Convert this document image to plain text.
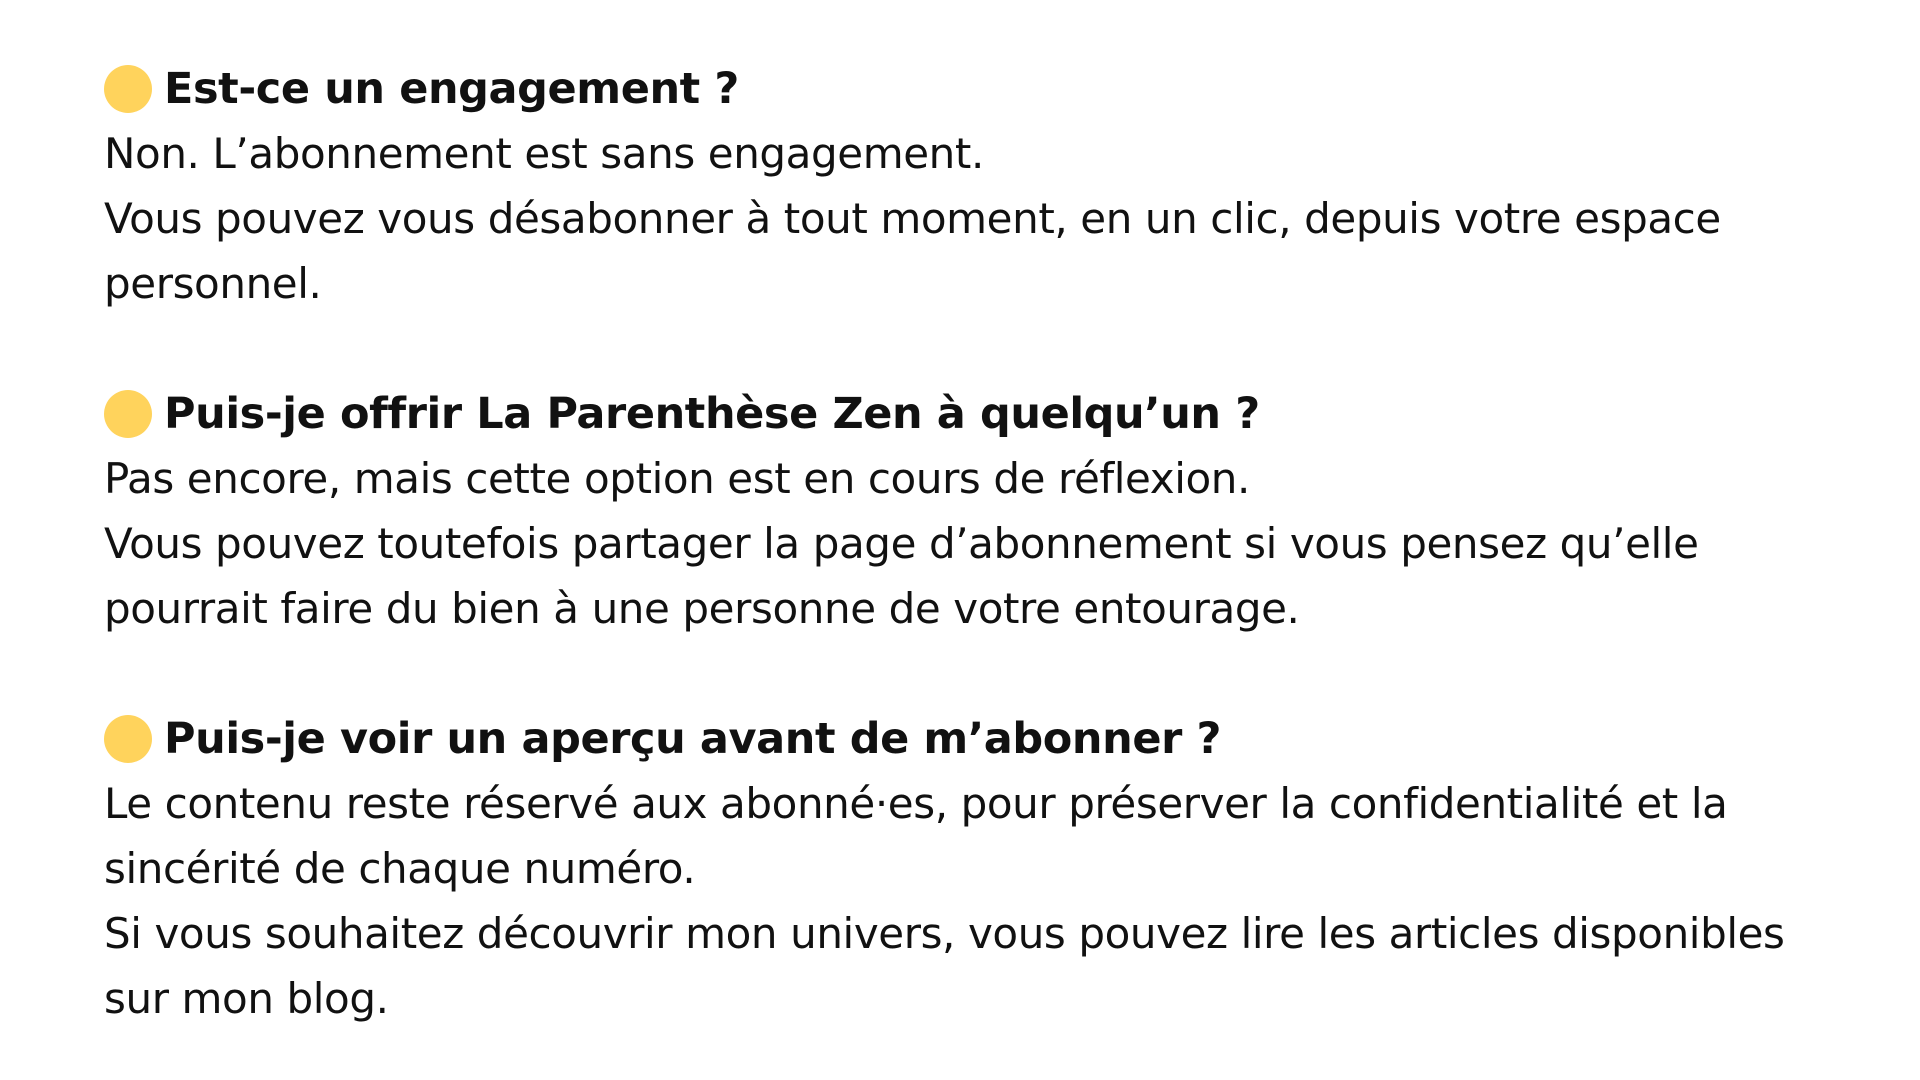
Est-ce un engagement ?

Non. L’abonnement est sans engagement.
Vous pouvez vous désabonner à tout moment, en un clic, depuis votre espace personnel.

Puis-je offrir La Parenthèse Zen à quelqu’un ?

Pas encore, mais cette option est en cours de réflexion.
Vous pouvez toutefois partager la page d’abonnement si vous pensez qu’elle pourrait faire du bien à une personne de votre entourage.

Puis-je voir un aperçu avant de m’abonner ?

Le contenu reste réservé aux abonné·es, pour préserver la confidentialité et la sincérité de chaque numéro.
Si vous souhaitez découvrir mon univers, vous pouvez lire les articles disponibles sur mon blog.
